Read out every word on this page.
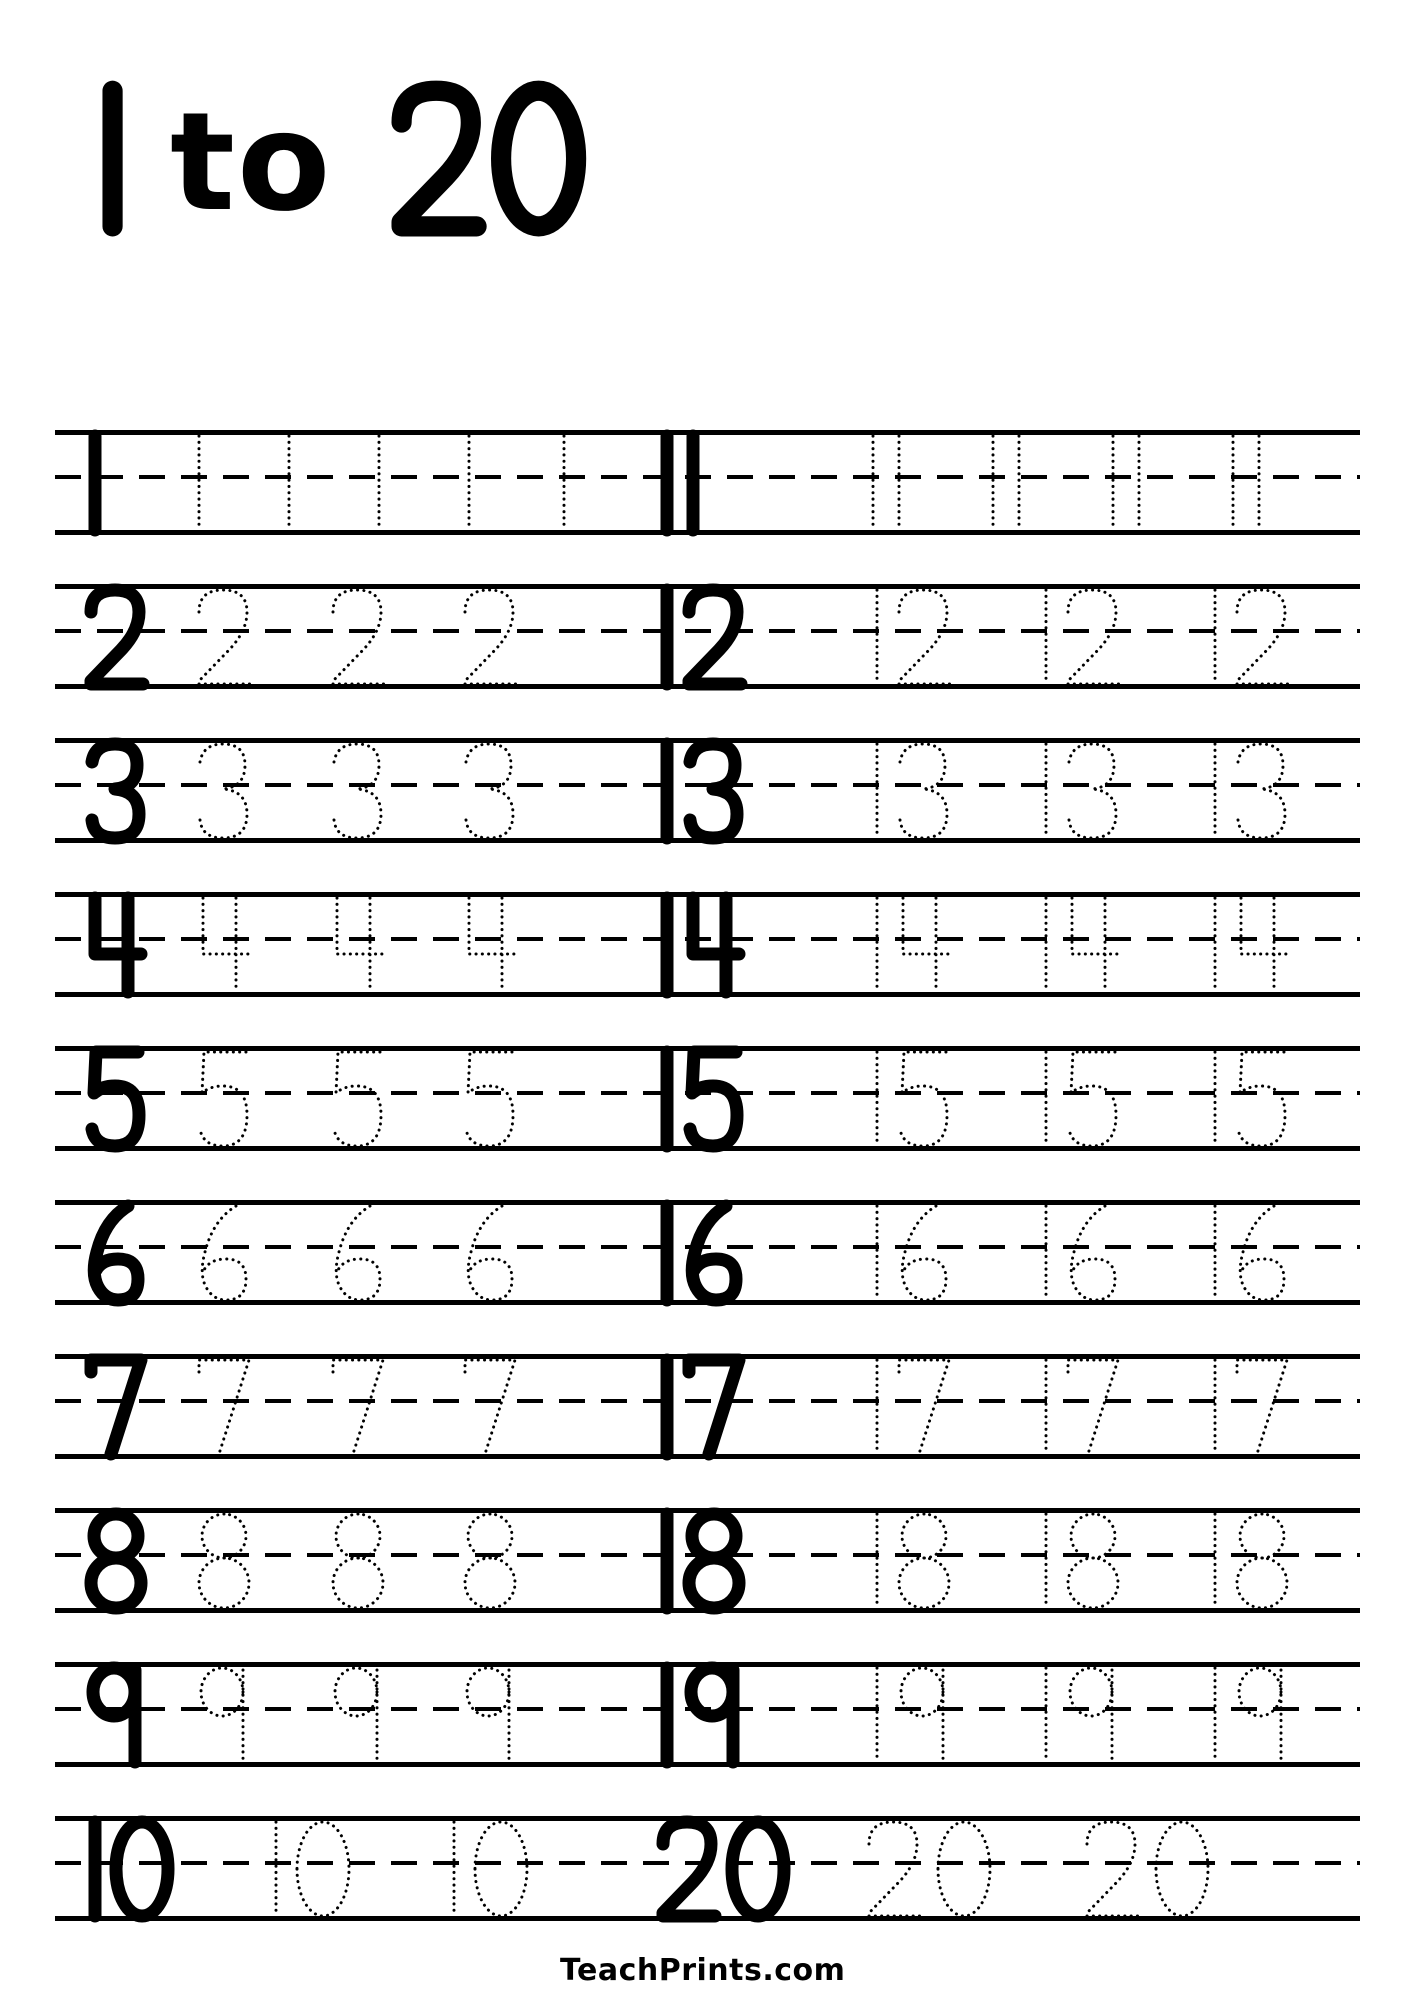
to
TeachPrints.com
